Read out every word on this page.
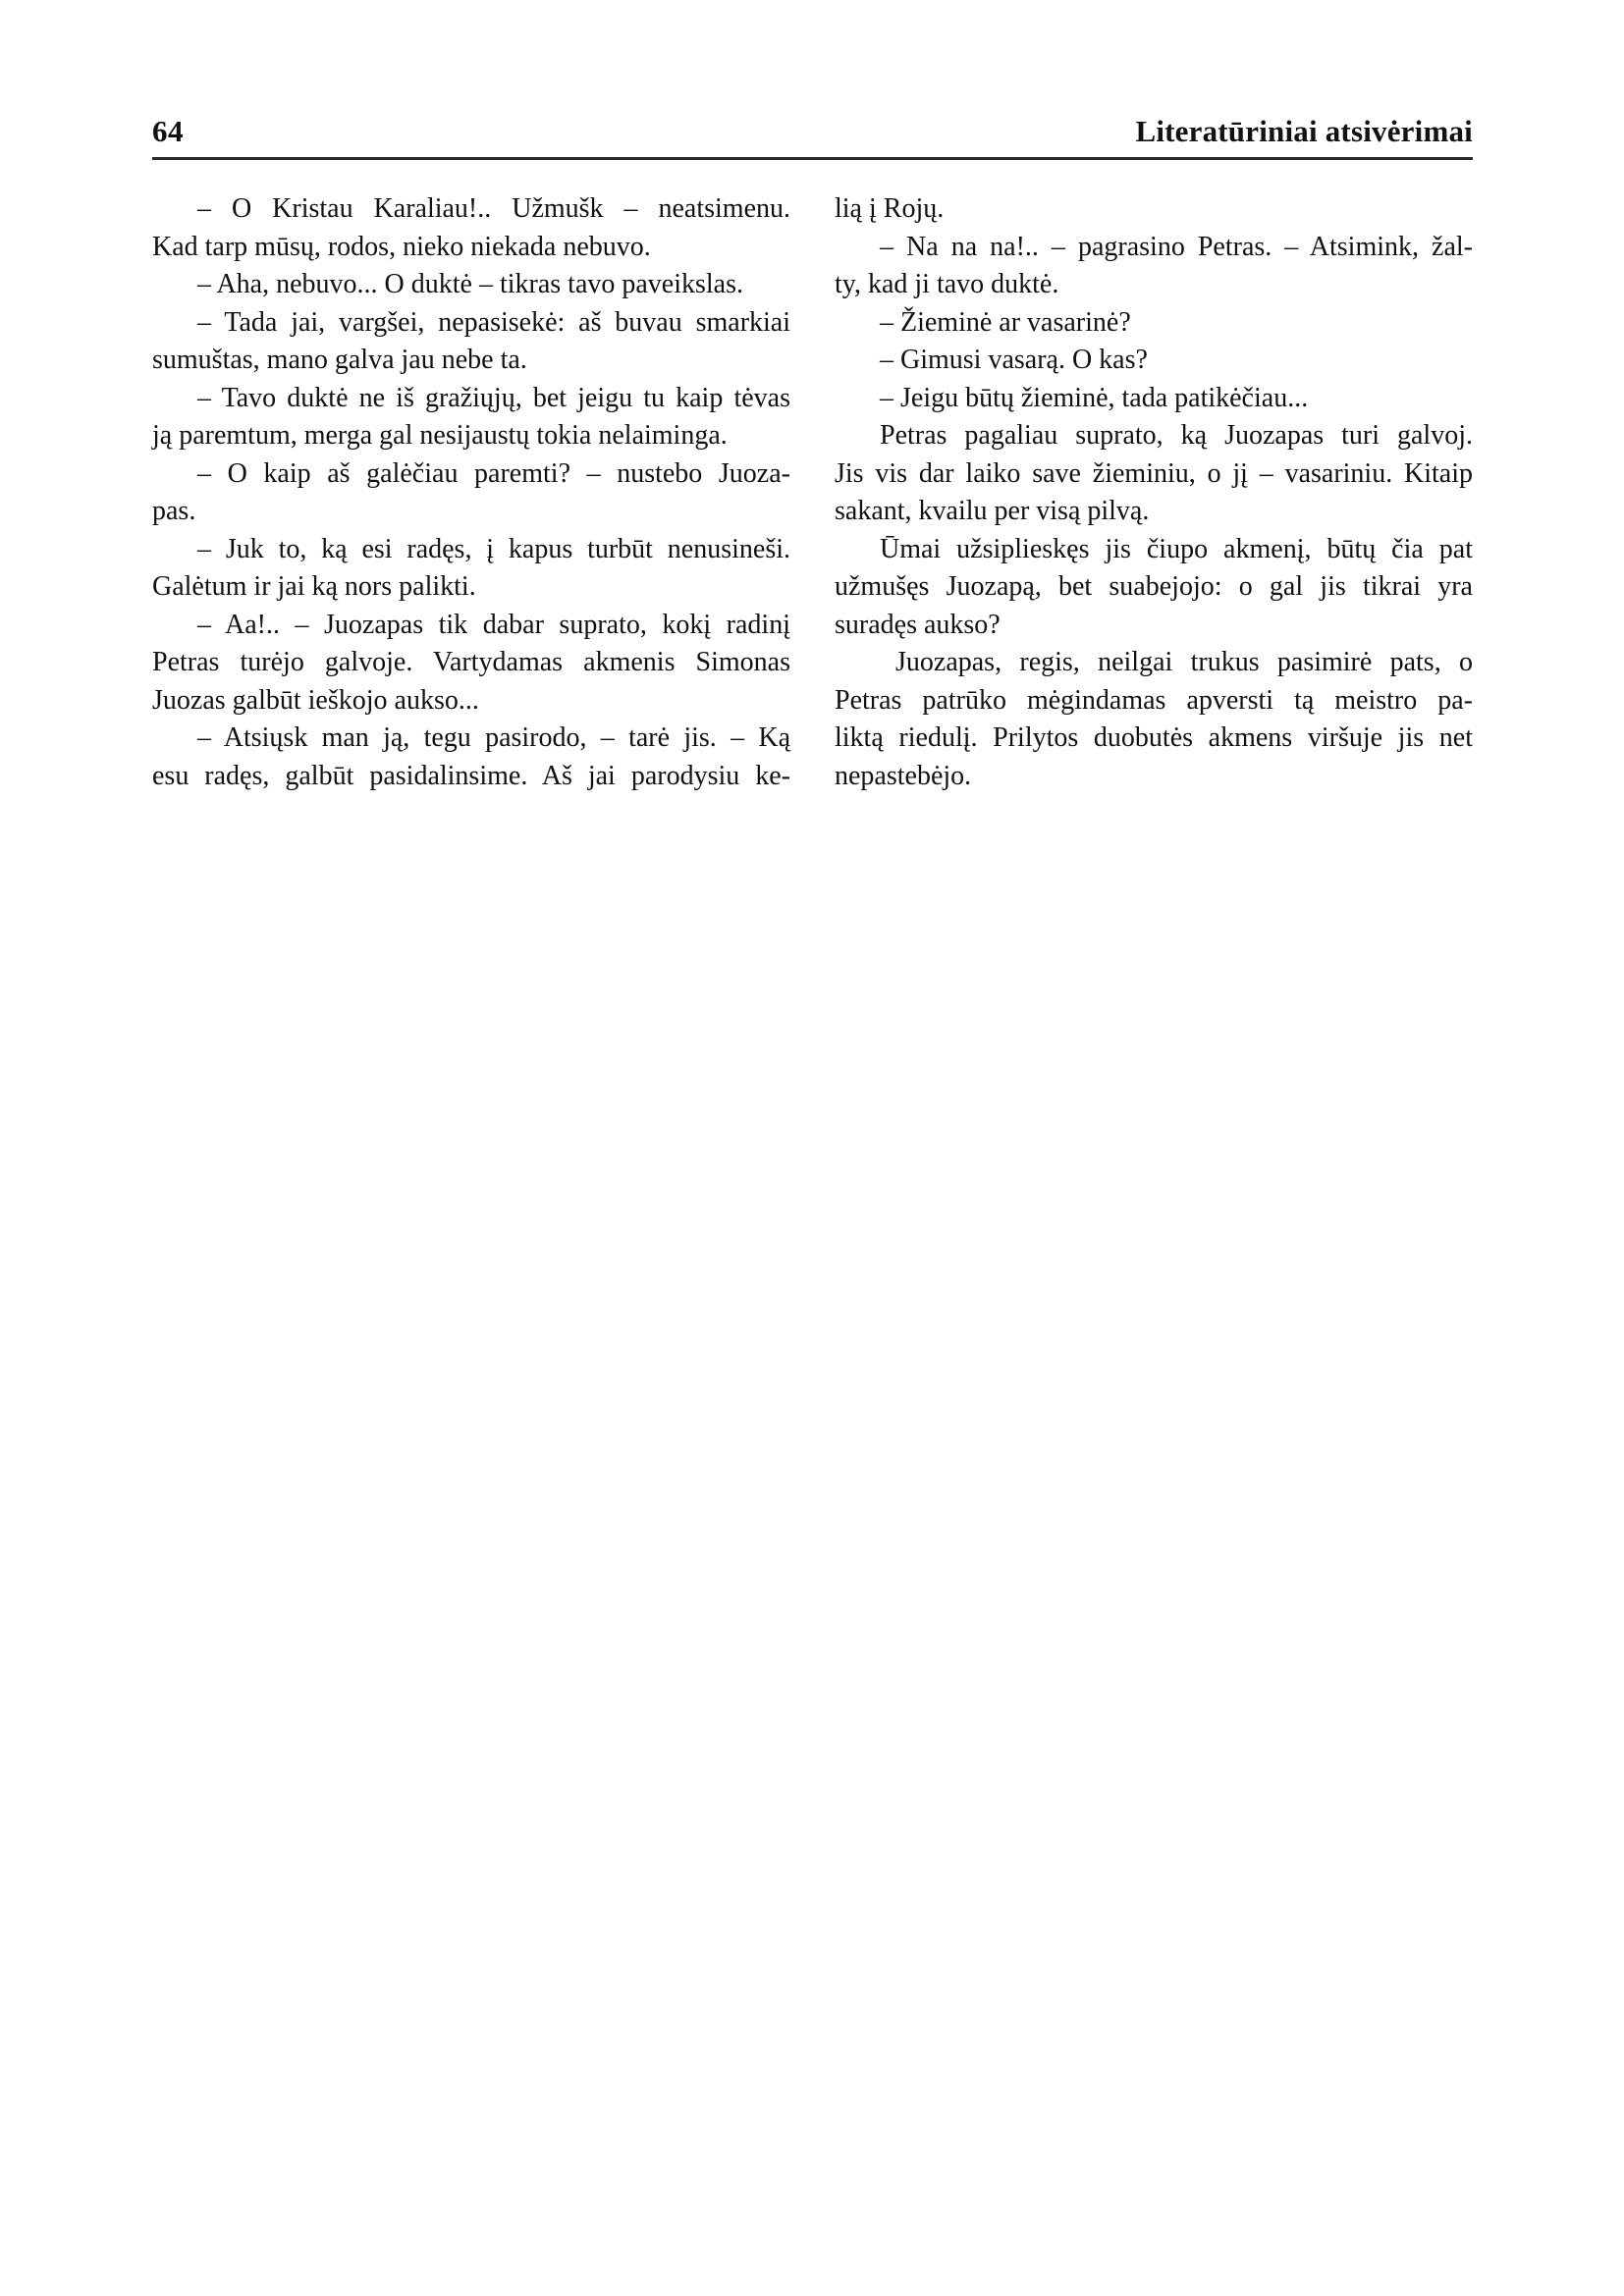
64	Literatūriniai atsivėrimai
– O Kristau Karaliau!.. Užmušk – neatsimenu.
Kad tarp mūsų, rodos, nieko niekada nebuvo.
– Aha, nebuvo... O duktė – tikras tavo paveikslas.
– Tada jai, vargšei, nepasisekė: aš buvau smarkiai
sumuštas, mano galva jau nebe ta.
– Tavo duktė ne iš gražiųjų, bet jeigu tu kaip tėvas
ją paremtum, merga gal nesijaustų tokia nelaiminga.
– O kaip aš galėčiau paremti? – nustebo Juoza-
pas.
– Juk to, ką esi radęs, į kapus turbūt nenusineši.
Galėtum ir jai ką nors palikti.
– Aa!.. – Juozapas tik dabar suprato, kokį radinį
Petras turėjo galvoje. Vartydamas akmenis Simonas
Juozas galbūt ieškojo aukso...
– Atsiųsk man ją, tegu pasirodo, – tarė jis. – Ką
esu radęs, galbūt pasidalinsime. Aš jai parodysiu ke-
lią į Rojų.
– Na na na!.. – pagrasino Petras. – Atsimink, žal-
ty, kad ji tavo duktė.
– Žieminė ar vasarinė?
– Gimusi vasarą. O kas?
– Jeigu būtų žieminė, tada patikėčiau...
Petras pagaliau suprato, ką Juozapas turi galvoj.
Jis vis dar laiko save žieminiu, o jį – vasariniu. Kitaip
sakant, kvailu per visą pilvą.
Ūmai užsiplieskęs jis čiupo akmenį, būtų čia pat
užmušęs Juozapą, bet suabejojo: o gal jis tikrai yra
suradęs aukso?
Juozapas, regis, neilgai trukus pasimirė pats, o
Petras patrūko mėgindamas apversti tą meistro pa-
liktą riedulį. Prilytos duobutės akmens viršuje jis net
nepastebėjo.
